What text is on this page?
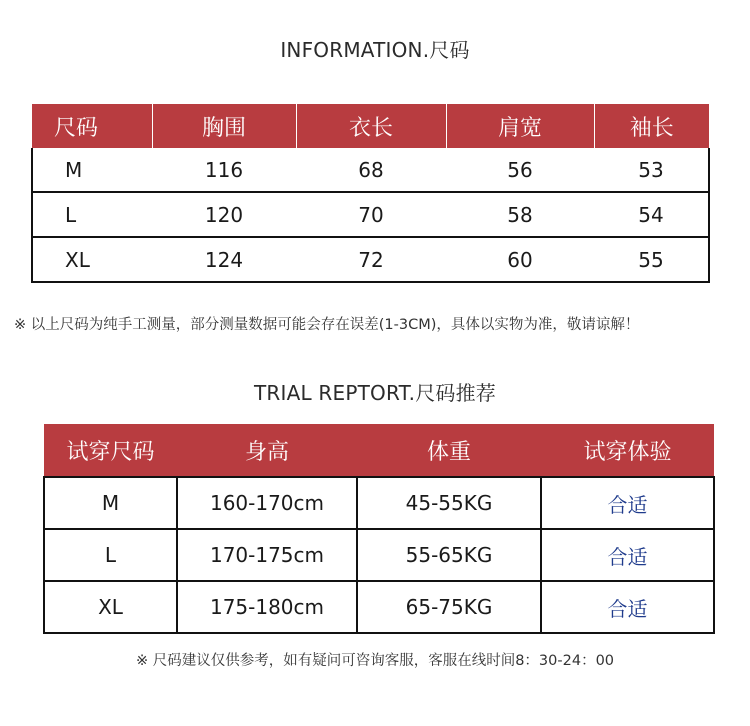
INFORMATION.尺码
尺码	胸围	衣长	肩宽	袖长
M	116	68	56	53
L	120	70	58	54
XL	124	72	60	55
※ 以上尺码为纯手工测量，部分测量数据可能会存在误差(1-3CM)，具体以实物为准，敬请谅解！
TRIAL REPTORT.尺码推荐
试穿尺码	身高	体重	试穿体验
M	160-170cm	45-55KG	合适
L	170-175cm	55-65KG	合适
XL	175-180cm	65-75KG	合适
※ 尺码建议仅供参考，如有疑问可咨询客服，客服在线时间8：30-24：00
